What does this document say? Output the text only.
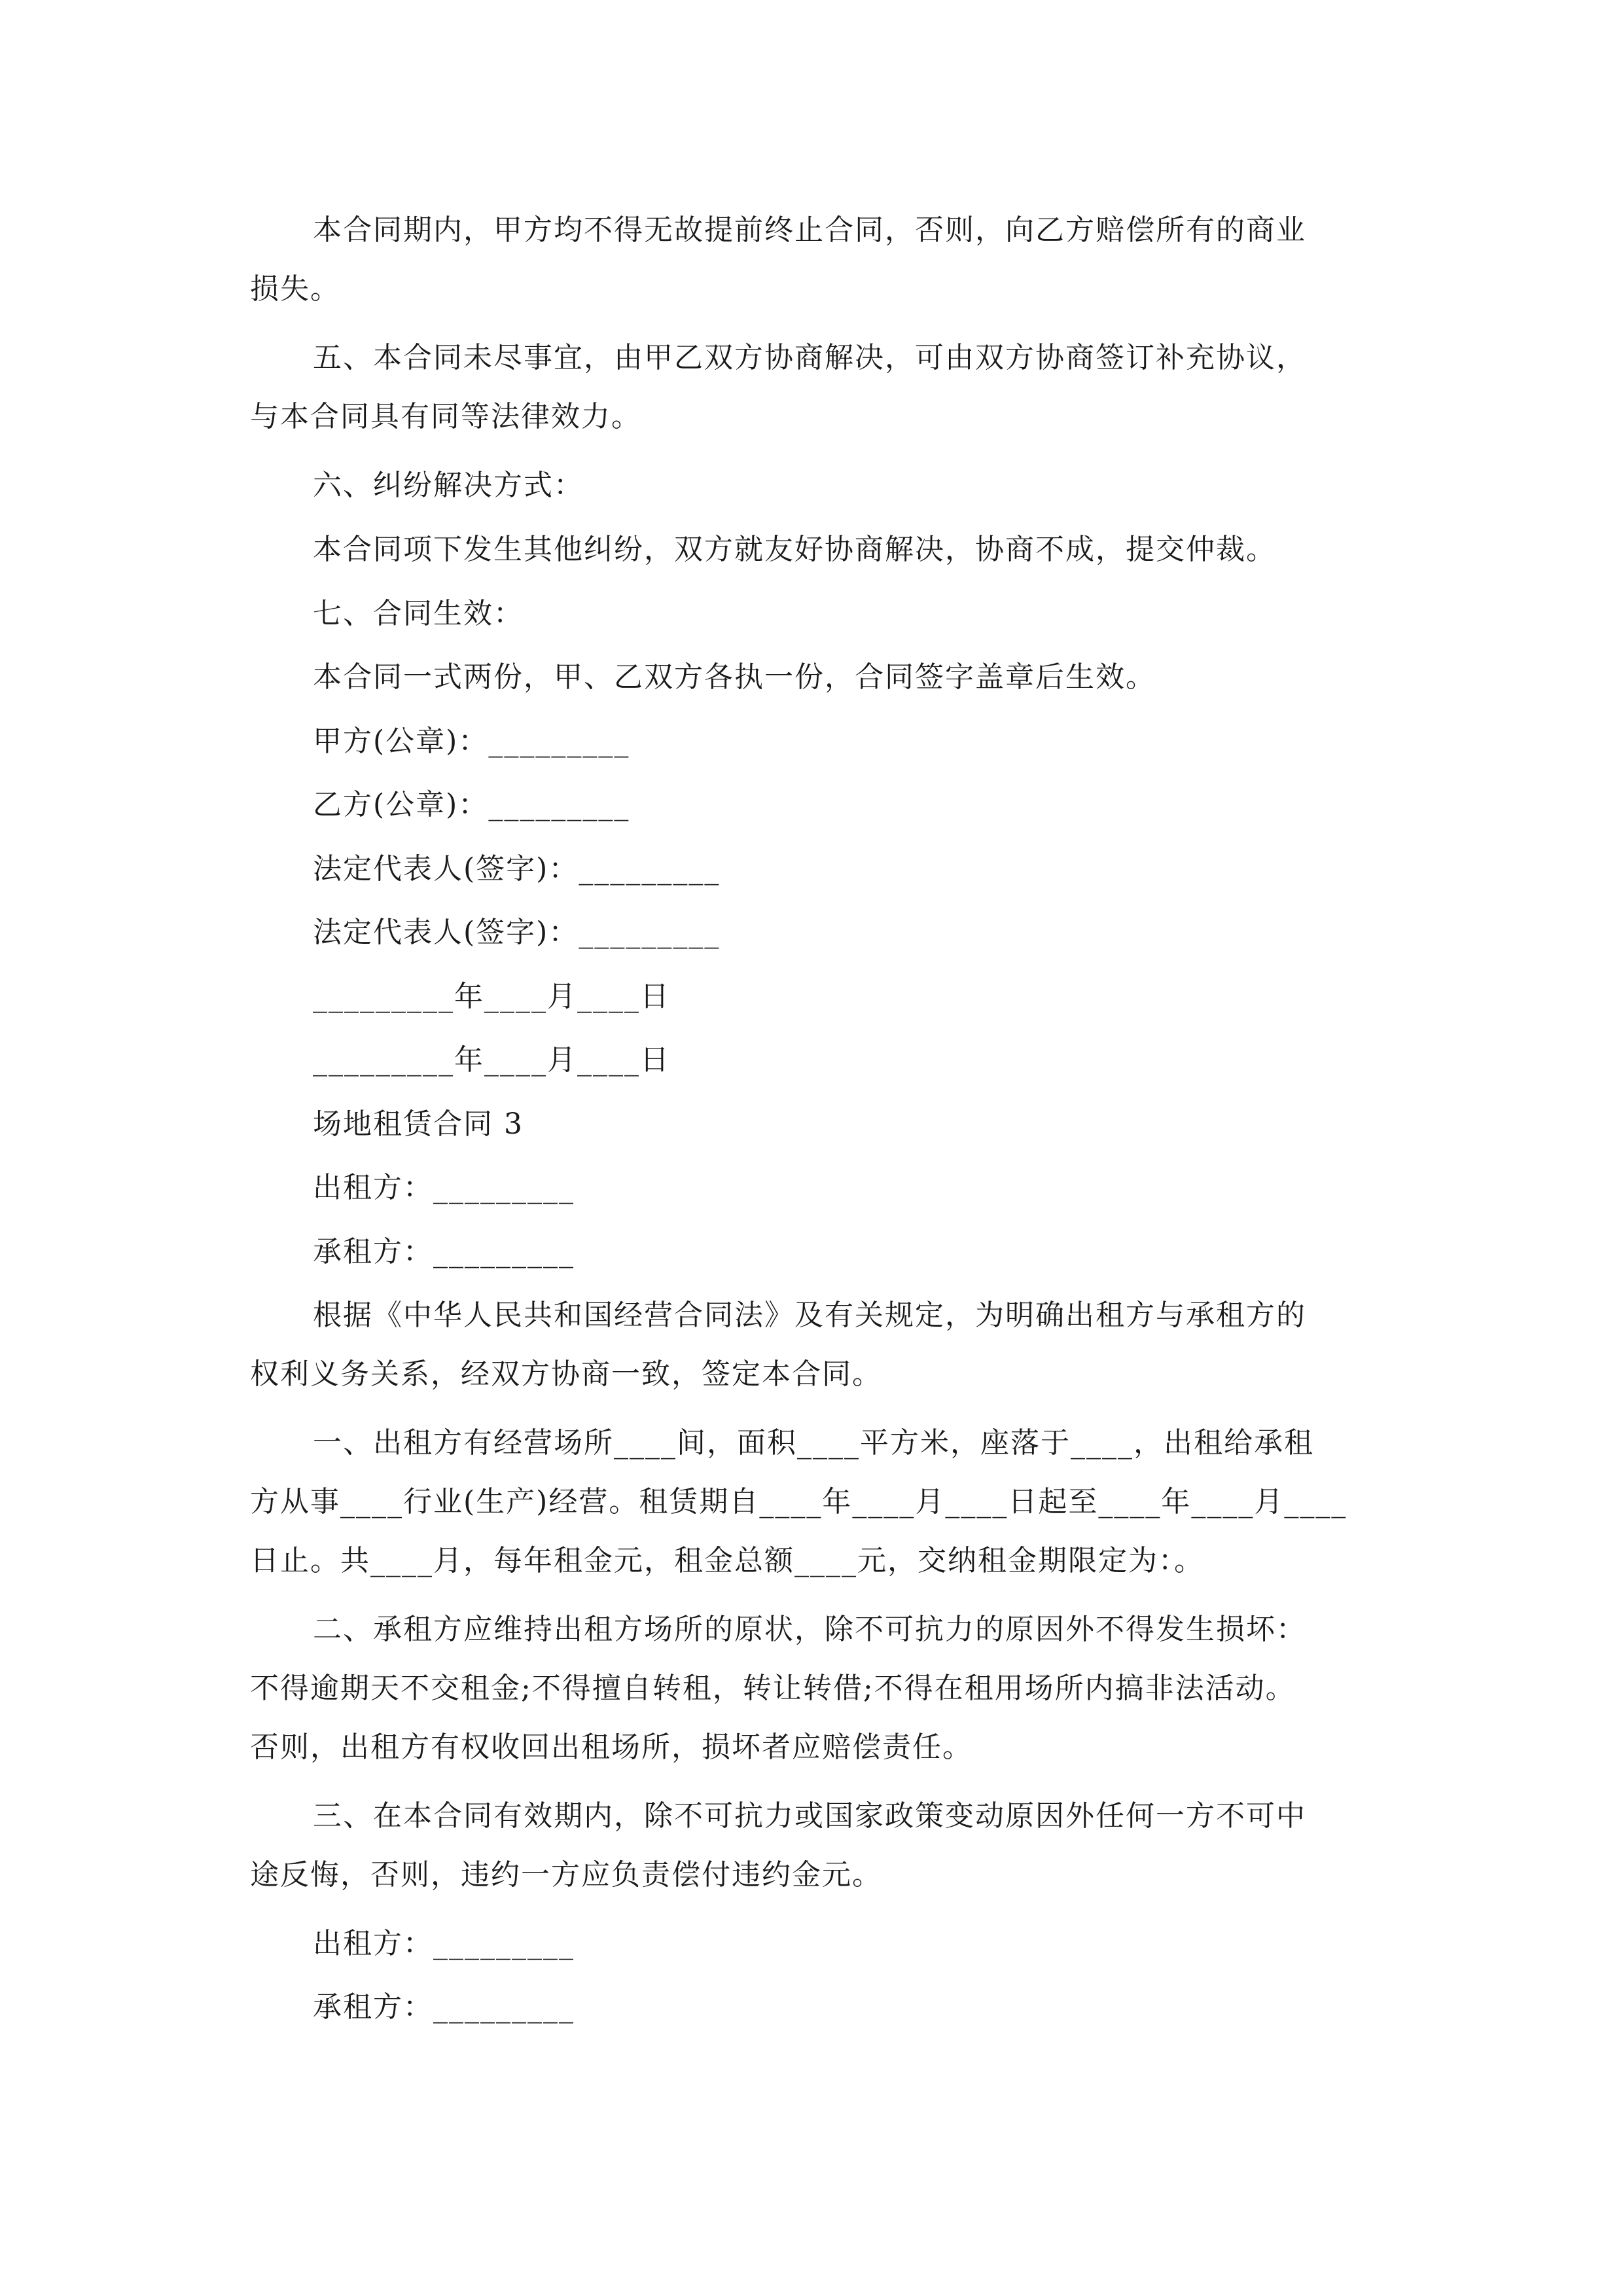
本合同期内，甲方均不得无故提前终止合同，否则，向乙方赔偿所有的商业
损失。
五、本合同未尽事宜，由甲乙双方协商解决，可由双方协商签订补充协议，
与本合同具有同等法律效力。
六、纠纷解决方式：
本合同项下发生其他纠纷，双方就友好协商解决，协商不成，提交仲裁。
七、合同生效：
本合同一式两份，甲、乙双方各执一份，合同签字盖章后生效。
甲方(公章)：_________
乙方(公章)：_________
法定代表人(签字)：_________
法定代表人(签字)：_________
_________年____月____日
_________年____月____日
场地租赁合同 3
出租方：_________
承租方：_________
根据《中华人民共和国经营合同法》及有关规定，为明确出租方与承租方的
权利义务关系，经双方协商一致，签定本合同。
一、出租方有经营场所____间，面积____平方米，座落于____，出租给承租
方从事____行业(生产)经营。租赁期自____年____月____日起至____年____月____
日止。共____月，每年租金元，租金总额____元，交纳租金期限定为：。
二、承租方应维持出租方场所的原状，除不可抗力的原因外不得发生损坏：
不得逾期天不交租金;不得擅自转租，转让转借;不得在租用场所内搞非法活动。
否则，出租方有权收回出租场所，损坏者应赔偿责任。
三、在本合同有效期内，除不可抗力或国家政策变动原因外任何一方不可中
途反悔，否则，违约一方应负责偿付违约金元。
出租方：_________
承租方：_________
